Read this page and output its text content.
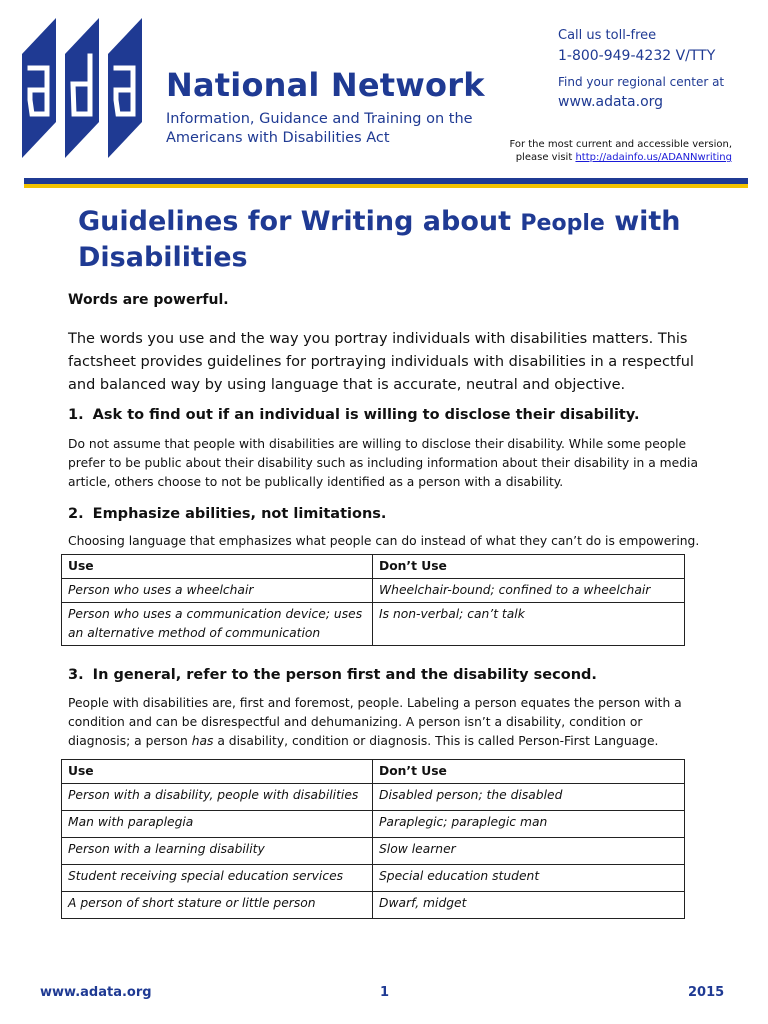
National Network
Information, Guidance and Training on the Americans with Disabilities Act
Call us toll-free
1-800-949-4232 V/TTY
Find your regional center at
www.adata.org
For the most current and accessible version, please visit http://adainfo.us/ADANNwriting
Guidelines for Writing about People with Disabilities
Words are powerful.
The words you use and the way you portray individuals with disabilities matters. This factsheet provides guidelines for portraying individuals with disabilities in a respectful and balanced way by using language that is accurate, neutral and objective.
1. Ask to find out if an individual is willing to disclose their disability.
Do not assume that people with disabilities are willing to disclose their disability. While some people prefer to be public about their disability such as including information about their disability in a media article, others choose to not be publically identified as a person with a disability.
2. Emphasize abilities, not limitations.
Choosing language that emphasizes what people can do instead of what they can’t do is empowering.
Use	Don’t Use
Person who uses a wheelchair	Wheelchair-bound; confined to a wheelchair
Person who uses a communication device; uses an alternative method of communication	Is non-verbal; can’t talk
3. In general, refer to the person first and the disability second.
People with disabilities are, first and foremost, people. Labeling a person equates the person with a condition and can be disrespectful and dehumanizing. A person isn’t a disability, condition or diagnosis; a person has a disability, condition or diagnosis. This is called Person-First Language.
Use	Don’t Use
Person with a disability, people with disabilities	Disabled person; the disabled
Man with paraplegia	Paraplegic; paraplegic man
Person with a learning disability	Slow learner
Student receiving special education services	Special education student
A person of short stature or little person	Dwarf, midget
www.adata.org	1	2015
